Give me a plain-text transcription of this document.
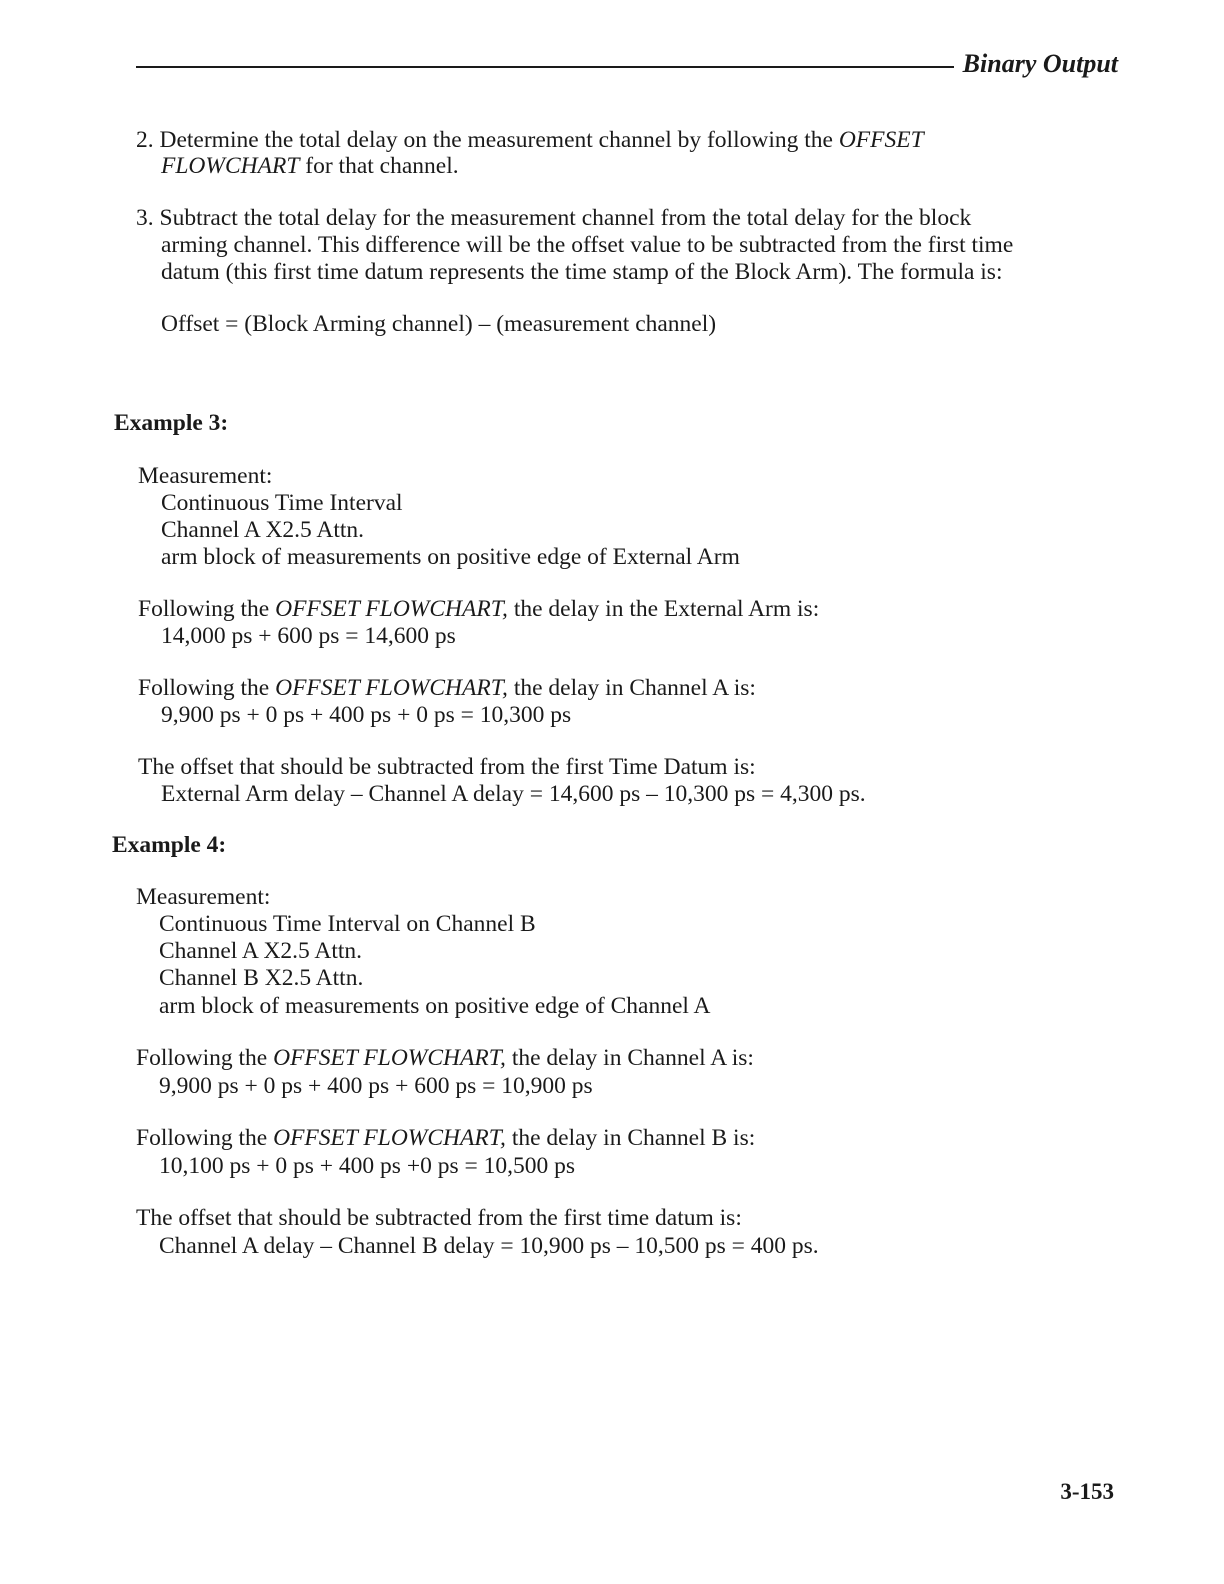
Binary Output
2. Determine the total delay on the measurement channel by following the OFFSET
FLOWCHART for that channel.
3. Subtract the total delay for the measurement channel from the total delay for the block
arming channel. This difference will be the offset value to be subtracted from the first time
datum (this first time datum represents the time stamp of the Block Arm). The formula is:
Offset = (Block Arming channel) – (measurement channel)
Example 3:
Measurement:
Continuous Time Interval
Channel A X2.5 Attn.
arm block of measurements on positive edge of External Arm
Following the OFFSET FLOWCHART, the delay in the External Arm is:
14,000 ps + 600 ps = 14,600 ps
Following the OFFSET FLOWCHART, the delay in Channel A is:
9,900 ps + 0 ps + 400 ps + 0 ps = 10,300 ps
The offset that should be subtracted from the first Time Datum is:
External Arm delay – Channel A delay = 14,600 ps – 10,300 ps = 4,300 ps.
Example 4:
Measurement:
Continuous Time Interval on Channel B
Channel A X2.5 Attn.
Channel B X2.5 Attn.
arm block of measurements on positive edge of Channel A
Following the OFFSET FLOWCHART, the delay in Channel A is:
9,900 ps + 0 ps + 400 ps + 600 ps = 10,900 ps
Following the OFFSET FLOWCHART, the delay in Channel B is:
10,100 ps + 0 ps + 400 ps +0 ps = 10,500 ps
The offset that should be subtracted from the first time datum is:
Channel A delay – Channel B delay = 10,900 ps – 10,500 ps = 400 ps.
3-153
